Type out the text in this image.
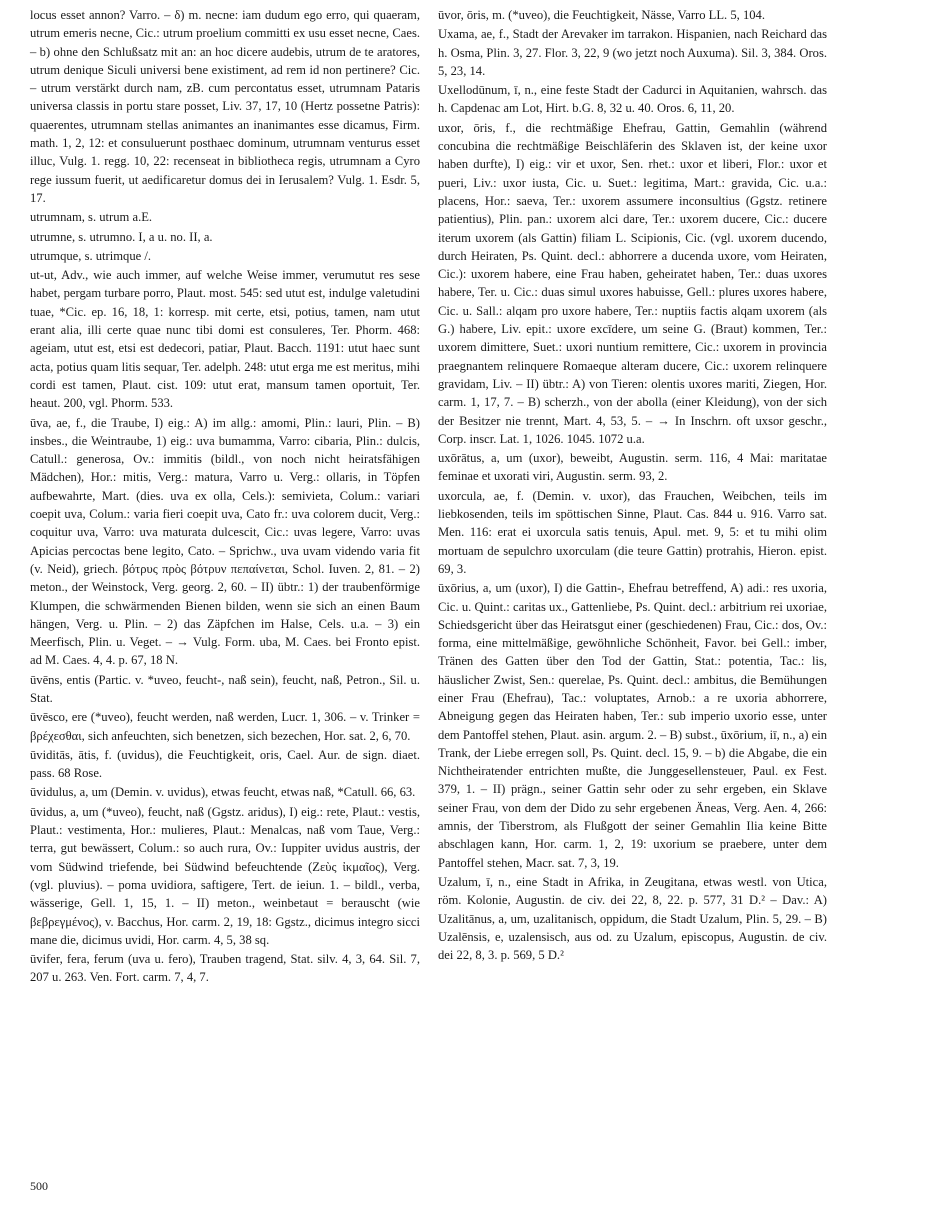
locus esset annon? Varro. – δ) m. necne: iam dudum ego erro, qui quaeram, utrum emeris necne, Cic.: utrum proelium committi ex usu esset necne, Caes. – b) ohne den Schlußsatz mit an: an hoc dicere audebis, utrum de te aratores, utrum denique Siculi universi bene existiment, ad rem id non pertinere? Cic. – utrum verstärkt durch nam, zB. cum percontatus esset, utrumnam Pataris universa classis in portu stare posset, Liv. 37, 17, 10 (Hertz possetne Patris): quaerentes, utrumnam stellas animantes an inanimantes esse dicamus, Firm. math. 1, 2, 12: et consuluerunt posthaec dominum, utrumnam venturus esset illuc, Vulg. 1. regg. 10, 22: recenseat in bibliotheca regis, utrumnam a Cyro rege iussum fuerit, ut aedificaretur domus dei in Ierusalem? Vulg. 1. Esdr. 5, 17.

utrumnam, s. utrum a.E.

utrumne, s. utrumno. I, a u. no. II, a.

utrumque, s. utrimque /.

ut-ut, Adv., wie auch immer, auf welche Weise immer, verumutut res sese habet, pergam turbare porro, Plaut. most. 545: sed utut est, indulge valetudini tuae, *Cic. ep. 16, 18, 1: korresp. mit certe, etsi, potius, tamen, nam utut erant alia, illi certe quae nunc tibi domi est consuleres, Ter. Phorm. 468: ageiam, utut est, etsi est dedecori, patiar, Plaut. Bacch. 1191: utut haec sunt acta, potius quam litis sequar, Ter. adelph. 248: utut erga me est meritus, mihi cordi est tamen, Plaut. cist. 109: utut erat, mansum tamen oportuit, Ter. heaut. 200, vgl. Phorm. 533.

ūva, ae, f., die Traube, I) eig.: A) im allg.: amomi, Plin.: lauri, Plin. – B) insbes., die Weintraube, 1) eig.: uva bumamma, Varro: cibaria, Plin.: dulcis, Catull.: generosa, Ov.: immitis (bildl., von noch nicht heiratsfähigen Mädchen), Hor.: mitis, Verg.: matura, Varro u. Verg.: ollaris, in Töpfen aufbewahrte, Mart. (dies. uva ex olla, Cels.): semivieta, Colum.: variari coepit uva, Colum.: varia fieri coepit uva, Cato fr.: uva colorem ducit, Verg.: coquitur uva, Varro: uva maturata dulcescit, Cic.: uvas legere, Varro: uvas Apicias percoctas bene legito, Cato. – Sprichw., uva uvam videndo varia fit (v. Neid), griech. βότρυς πρὸς βότρυν πεπαίνεται, Schol. Iuven. 2, 81. – 2) meton., der Weinstock, Verg. georg. 2, 60. – II) übtr.: 1) der traubenförmige Klumpen, die schwärmenden Bienen bilden, wenn sie sich an einen Baum hängen, Verg. u. Plin. – 2) das Zäpfchen im Halse, Cels. u.a. – 3) ein Meerfisch, Plin. u. Veget. – → Vulg. Form. uba, M. Caes. bei Fronto epist. ad M. Caes. 4, 4. p. 67, 18 N.

ūvēns, entis (Partic. v. *uveo, feucht-, naß sein), feucht, naß, Petron., Sil. u. Stat.

ūvēsco, ere (*uveo), feucht werden, naß werden, Lucr. 1, 306. – v. Trinker = βρέχεσθαι, sich anfeuchten, sich benetzen, sich bezechen, Hor. sat. 2, 6, 70.

ūviditās, ātis, f. (uvidus), die Feuchtigkeit, oris, Cael. Aur. de sign. diaet. pass. 68 Rose.

ūvidulus, a, um (Demin. v. uvidus), etwas feucht, etwas naß, *Catull. 66, 63.

ūvidus, a, um (*uveo), feucht, naß (Ggstz. aridus), I) eig.: rete, Plaut.: vestis, Plaut.: vestimenta, Hor.: mulieres, Plaut.: Menalcas, naß vom Taue, Verg.: terra, gut bewässert, Colum.: so auch rura, Ov.: Iuppiter uvidus austris, der vom Südwind triefende, bei Südwind befeuchtende (Ζεὺς ἰκμαῖος), Verg. (vgl. pluvius). – poma uvidiora, saftigere, Tert. de ieiun. 1. – bildl., verba, wässerige, Gell. 1, 15, 1. – II) meton., weinbetaut = berauscht (wie βεβρεγμένος), v. Bacchus, Hor. carm. 2, 19, 18: Ggstz., dicimus integro sicci mane die, dicimus uvidi, Hor. carm. 4, 5, 38 sq.

ūvifer, fera, ferum (uva u. fero), Trauben tragend, Stat. silv. 4, 3, 64. Sil. 7, 207 u. 263. Ven. Fort. carm. 7, 4, 7.

ūvor, ōris, m. (*uveo), die Feuchtigkeit, Nässe, Varro LL. 5, 104.

Uxama, ae, f., Stadt der Arevaker im tarrakon. Hispanien, nach Reichard das h. Osma, Plin. 3, 27. Flor. 3, 22, 9 (wo jetzt noch Auxuma). Sil. 3, 384. Oros. 5, 23, 14.

Uxellodūnum, ī, n., eine feste Stadt der Cadurci in Aquitanien, wahrsch. das h. Capdenac am Lot, Hirt. b.G. 8, 32 u. 40. Oros. 6, 11, 20.

uxor, ōris, f., die rechtmäßige Ehefrau, Gattin, Gemahlin (während concubina die rechtmäßige Beischläferin des Sklaven ist, der keine uxor haben durfte), I) eig.: vir et uxor, Sen. rhet.: uxor et liberi, Flor.: uxor et pueri, Liv.: uxor iusta, Cic. u. Suet.: legitima, Mart.: gravida, Cic. u.a.: placens, Hor.: saeva, Ter.: uxorem assumere inconsultius (Ggstz. retinere patientius), Plin. pan.: uxorem alci dare, Ter.: uxorem ducere, Cic.: ducere iterum uxorem (als Gattin) filiam L. Scipionis, Cic. (vgl. uxorem ducendo, durch Heiraten, Ps. Quint. decl.: abhorrere a ducenda uxore, vom Heiraten, Cic.): uxorem habere, eine Frau haben, geheiratet haben, Ter.: duas uxores habere, Ter. u. Cic.: duas simul uxores habuisse, Gell.: plures uxores habere, Cic. u. Sall.: alqam pro uxore habere, Ter.: nuptiis factis alqam uxorem (als G.) habere, Liv. epit.: uxore excīdere, um seine G. (Braut) kommen, Ter.: uxorem dimittere, Suet.: uxori nuntium remittere, Cic.: uxorem in provincia praegnantem relinquere Romaeque alteram ducere, Cic.: uxorem relinquere gravidam, Liv. – II) übtr.: A) von Tieren: olentis uxores mariti, Ziegen, Hor. carm. 1, 17, 7. – B) scherzh., von der abolla (einer Kleidung), von der sich der Besitzer nie trennt, Mart. 4, 53, 5. – → In Inschrn. oft uxsor geschr., Corp. inscr. Lat. 1, 1026. 1045. 1072 u.a.

uxōrātus, a, um (uxor), beweibt, Augustin. serm. 116, 4 Mai: maritatae feminae et uxorati viri, Augustin. serm. 93, 2.

uxorcula, ae, f. (Demin. v. uxor), das Frauchen, Weibchen, teils im liebkosenden, teils im spöttischen Sinne, Plaut. Cas. 844 u. 916. Varro sat. Men. 116: erat ei uxorcula satis tenuis, Apul. met. 9, 5: et tu mihi olim mortuam de sepulchro uxorculam (die teure Gattin) protrahis, Hieron. epist. 69, 3.

ūxōrius, a, um (uxor), I) die Gattin-, Ehefrau betreffend, A) adi.: res uxoria, Cic. u. Quint.: caritas ux., Gattenliebe, Ps. Quint. decl.: arbitrium rei uxoriae, Schiedsgericht über das Heiratsgut einer (geschiedenen) Frau, Cic.: dos, Ov.: forma, eine mittelmäßige, gewöhnliche Schönheit, Favor. bei Gell.: imber, Tränen des Gatten über den Tod der Gattin, Stat.: potentia, Tac.: lis, häuslicher Zwist, Sen.: querelae, Ps. Quint. decl.: ambitus, die Bemühungen einer Frau (Ehefrau), Tac.: voluptates, Arnob.: a re uxoria abhorrere, Abneigung gegen das Heiraten haben, Ter.: sub imperio uxorio esse, unter dem Pantoffel stehen, Plaut. asin. argum. 2. – B) subst., ūxōrium, iī, n., a) ein Trank, der Liebe erregen soll, Ps. Quint. decl. 15, 9. – b) die Abgabe, die ein Nichtheiratender entrichten mußte, die Junggesellensteuer, Paul. ex Fest. 379, 1. – II) prägn., seiner Gattin sehr oder zu sehr ergeben, ein Sklave seiner Frau, von dem der Dido zu sehr ergebenen Äneas, Verg. Aen. 4, 266: amnis, der Tiberstrom, als Flußgott der seiner Gemahlin Ilia keine Bitte abschlagen kann, Hor. carm. 1, 2, 19: uxorium se praebere, unter dem Pantoffel stehen, Macr. sat. 7, 3, 19.

Uzalum, ī, n., eine Stadt in Afrika, in Zeugitana, etwas westl. von Utica, röm. Kolonie, Augustin. de civ. dei 22, 8, 22. p. 577, 31 D.² – Dav.: A) Uzalitānus, a, um, uzalitanisch, oppidum, die Stadt Uzalum, Plin. 5, 29. – B) Uzalēnsis, e, uzalensisch, aus od. zu Uzalum, episcopus, Augustin. de civ. dei 22, 8, 3. p. 569, 5 D.²

500
